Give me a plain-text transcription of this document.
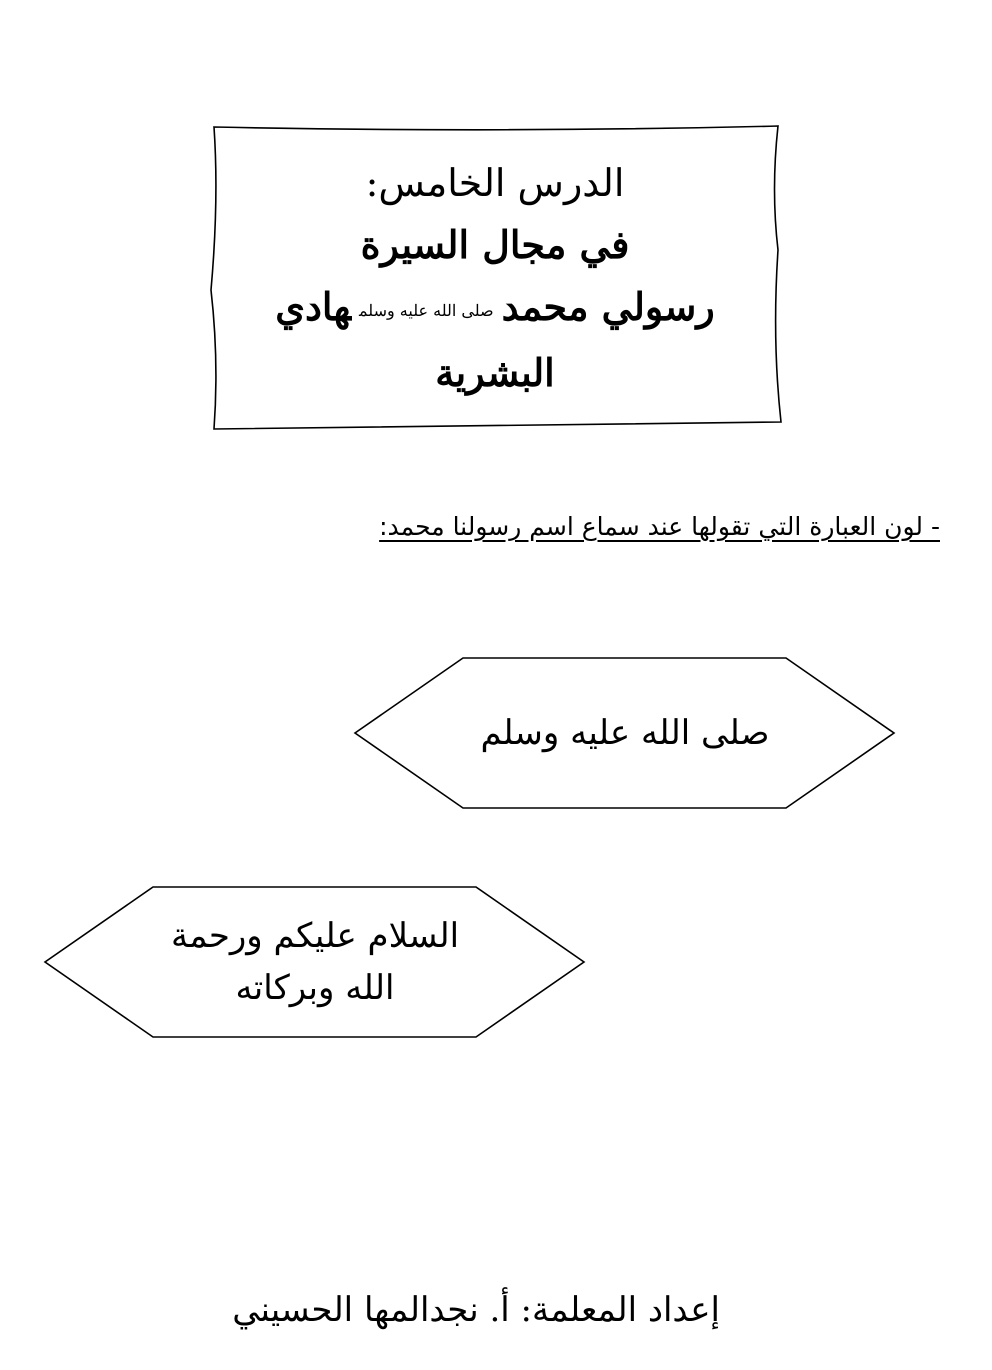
الدرس الخامس:
في مجال السيرة
رسولي محمدصلى الله عليه وسلمهادي
البشرية
- لون العبارة التي تقولها عند سماع اسم رسولنا محمد:
صلى الله عليه وسلم
السلام عليكم ورحمة
الله وبركاته
إعداد المعلمة: أ. نجدالمها الحسيني
